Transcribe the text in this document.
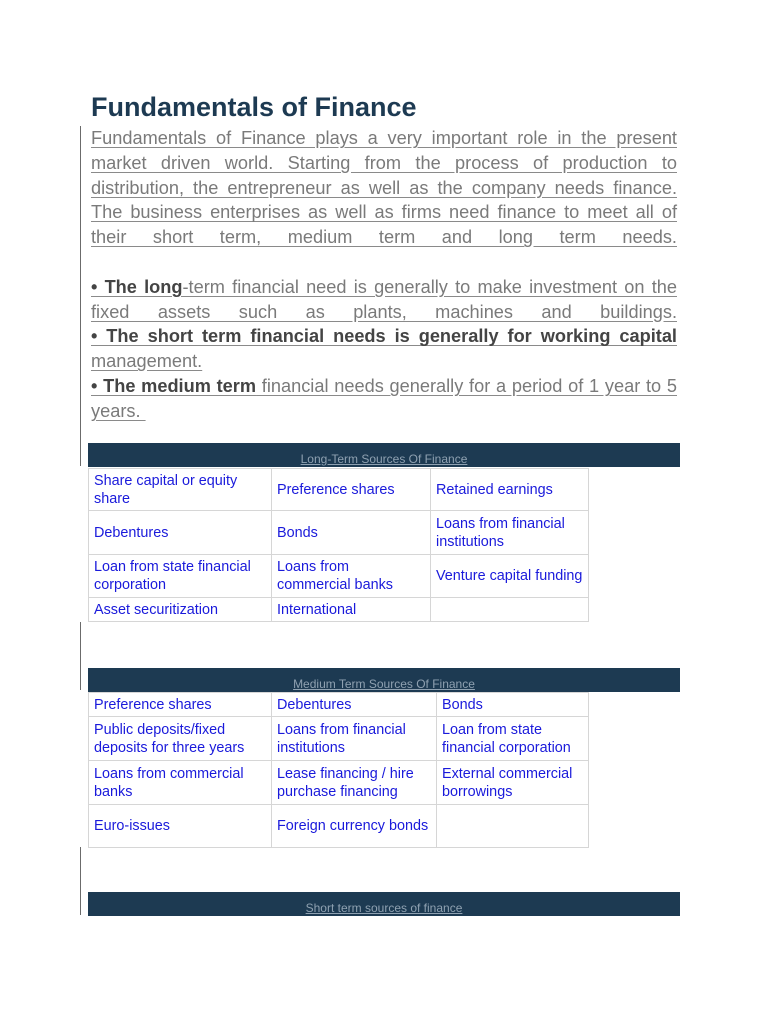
Fundamentals of Finance

Fundamentals of Finance plays a very important role in the present

market driven world. Starting from the process of production to

distribution, the entrepreneur as well as the company needs finance.

The business enterprises as well as firms need finance to meet all of

their short term, medium term and long term needs.

• The long-term financial need is generally to make investment on the

fixed assets such as plants, machines and buildings.

• The short term financial needs is generally for working capital

management.

• The medium term financial needs generally for a period of 1 year to 5

years.

Long-Term Sources Of Finance
Share capital or equity share	Preference shares	Retained earnings
Debentures	Bonds	Loans from financial institutions
Loan from state financial corporation	Loans from commercial banks	Venture capital funding
Asset securitization	International	
Medium Term Sources Of Finance
Preference shares	Debentures	Bonds
Public deposits/fixed deposits for three years	Loans from financial institutions	Loan from state financial corporation
Loans from commercial banks	Lease financing / hire purchase financing	External commercial borrowings
Euro-issues	Foreign currency bonds	
Short term sources of finance
